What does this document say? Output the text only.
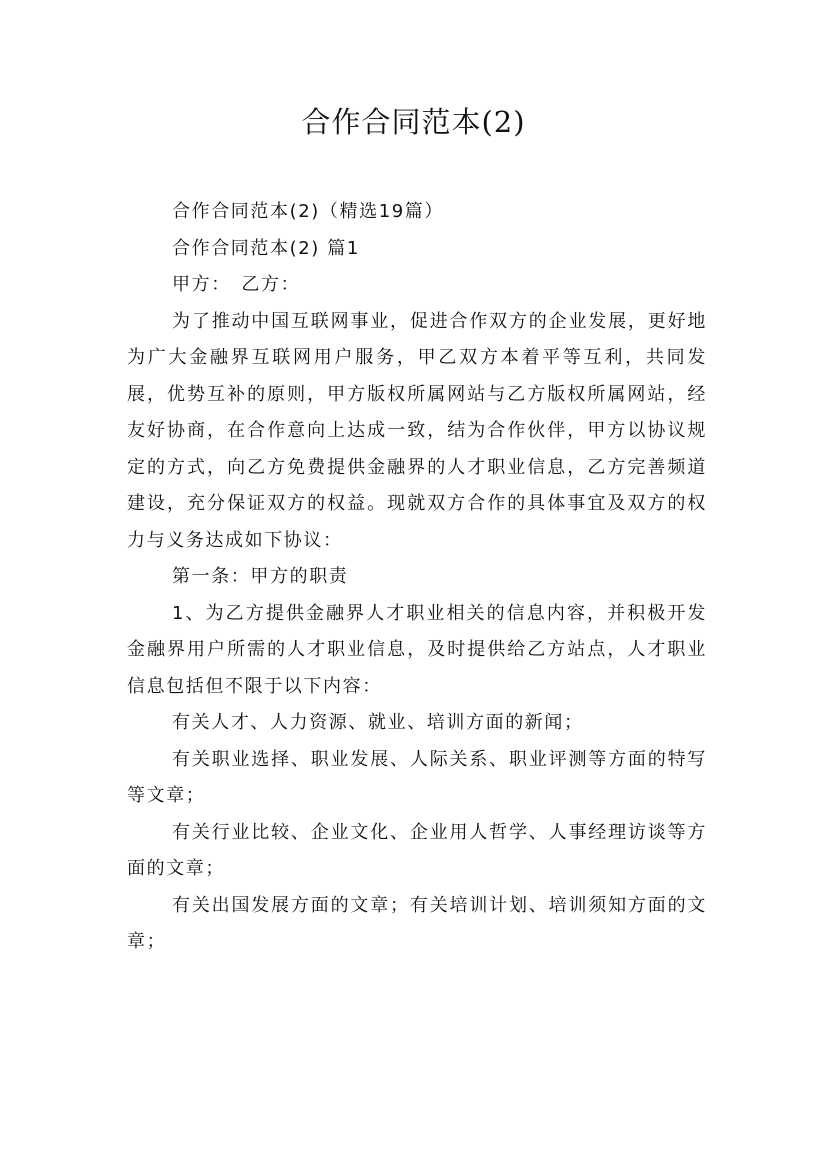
合作合同范本(2)

合作合同范本(2)（精选19篇）

合作合同范本(2) 篇1

甲方：　乙方：

为了推动中国互联网事业，促进合作双方的企业发展，更好地为广大金融界互联网用户服务，甲乙双方本着平等互利，共同发展，优势互补的原则，甲方版权所属网站与乙方版权所属网站，经友好协商，在合作意向上达成一致，结为合作伙伴，甲方以协议规定的方式，向乙方免费提供金融界的人才职业信息，乙方完善频道建设，充分保证双方的权益。现就双方合作的具体事宜及双方的权力与义务达成如下协议：

第一条：甲方的职责

1、为乙方提供金融界人才职业相关的信息内容，并积极开发金融界用户所需的人才职业信息，及时提供给乙方站点，人才职业信息包括但不限于以下内容：

有关人才、人力资源、就业、培训方面的新闻；

有关职业选择、职业发展、人际关系、职业评测等方面的特写等文章；

有关行业比较、企业文化、企业用人哲学、人事经理访谈等方面的文章；

有关出国发展方面的文章；有关培训计划、培训须知方面的文章；
